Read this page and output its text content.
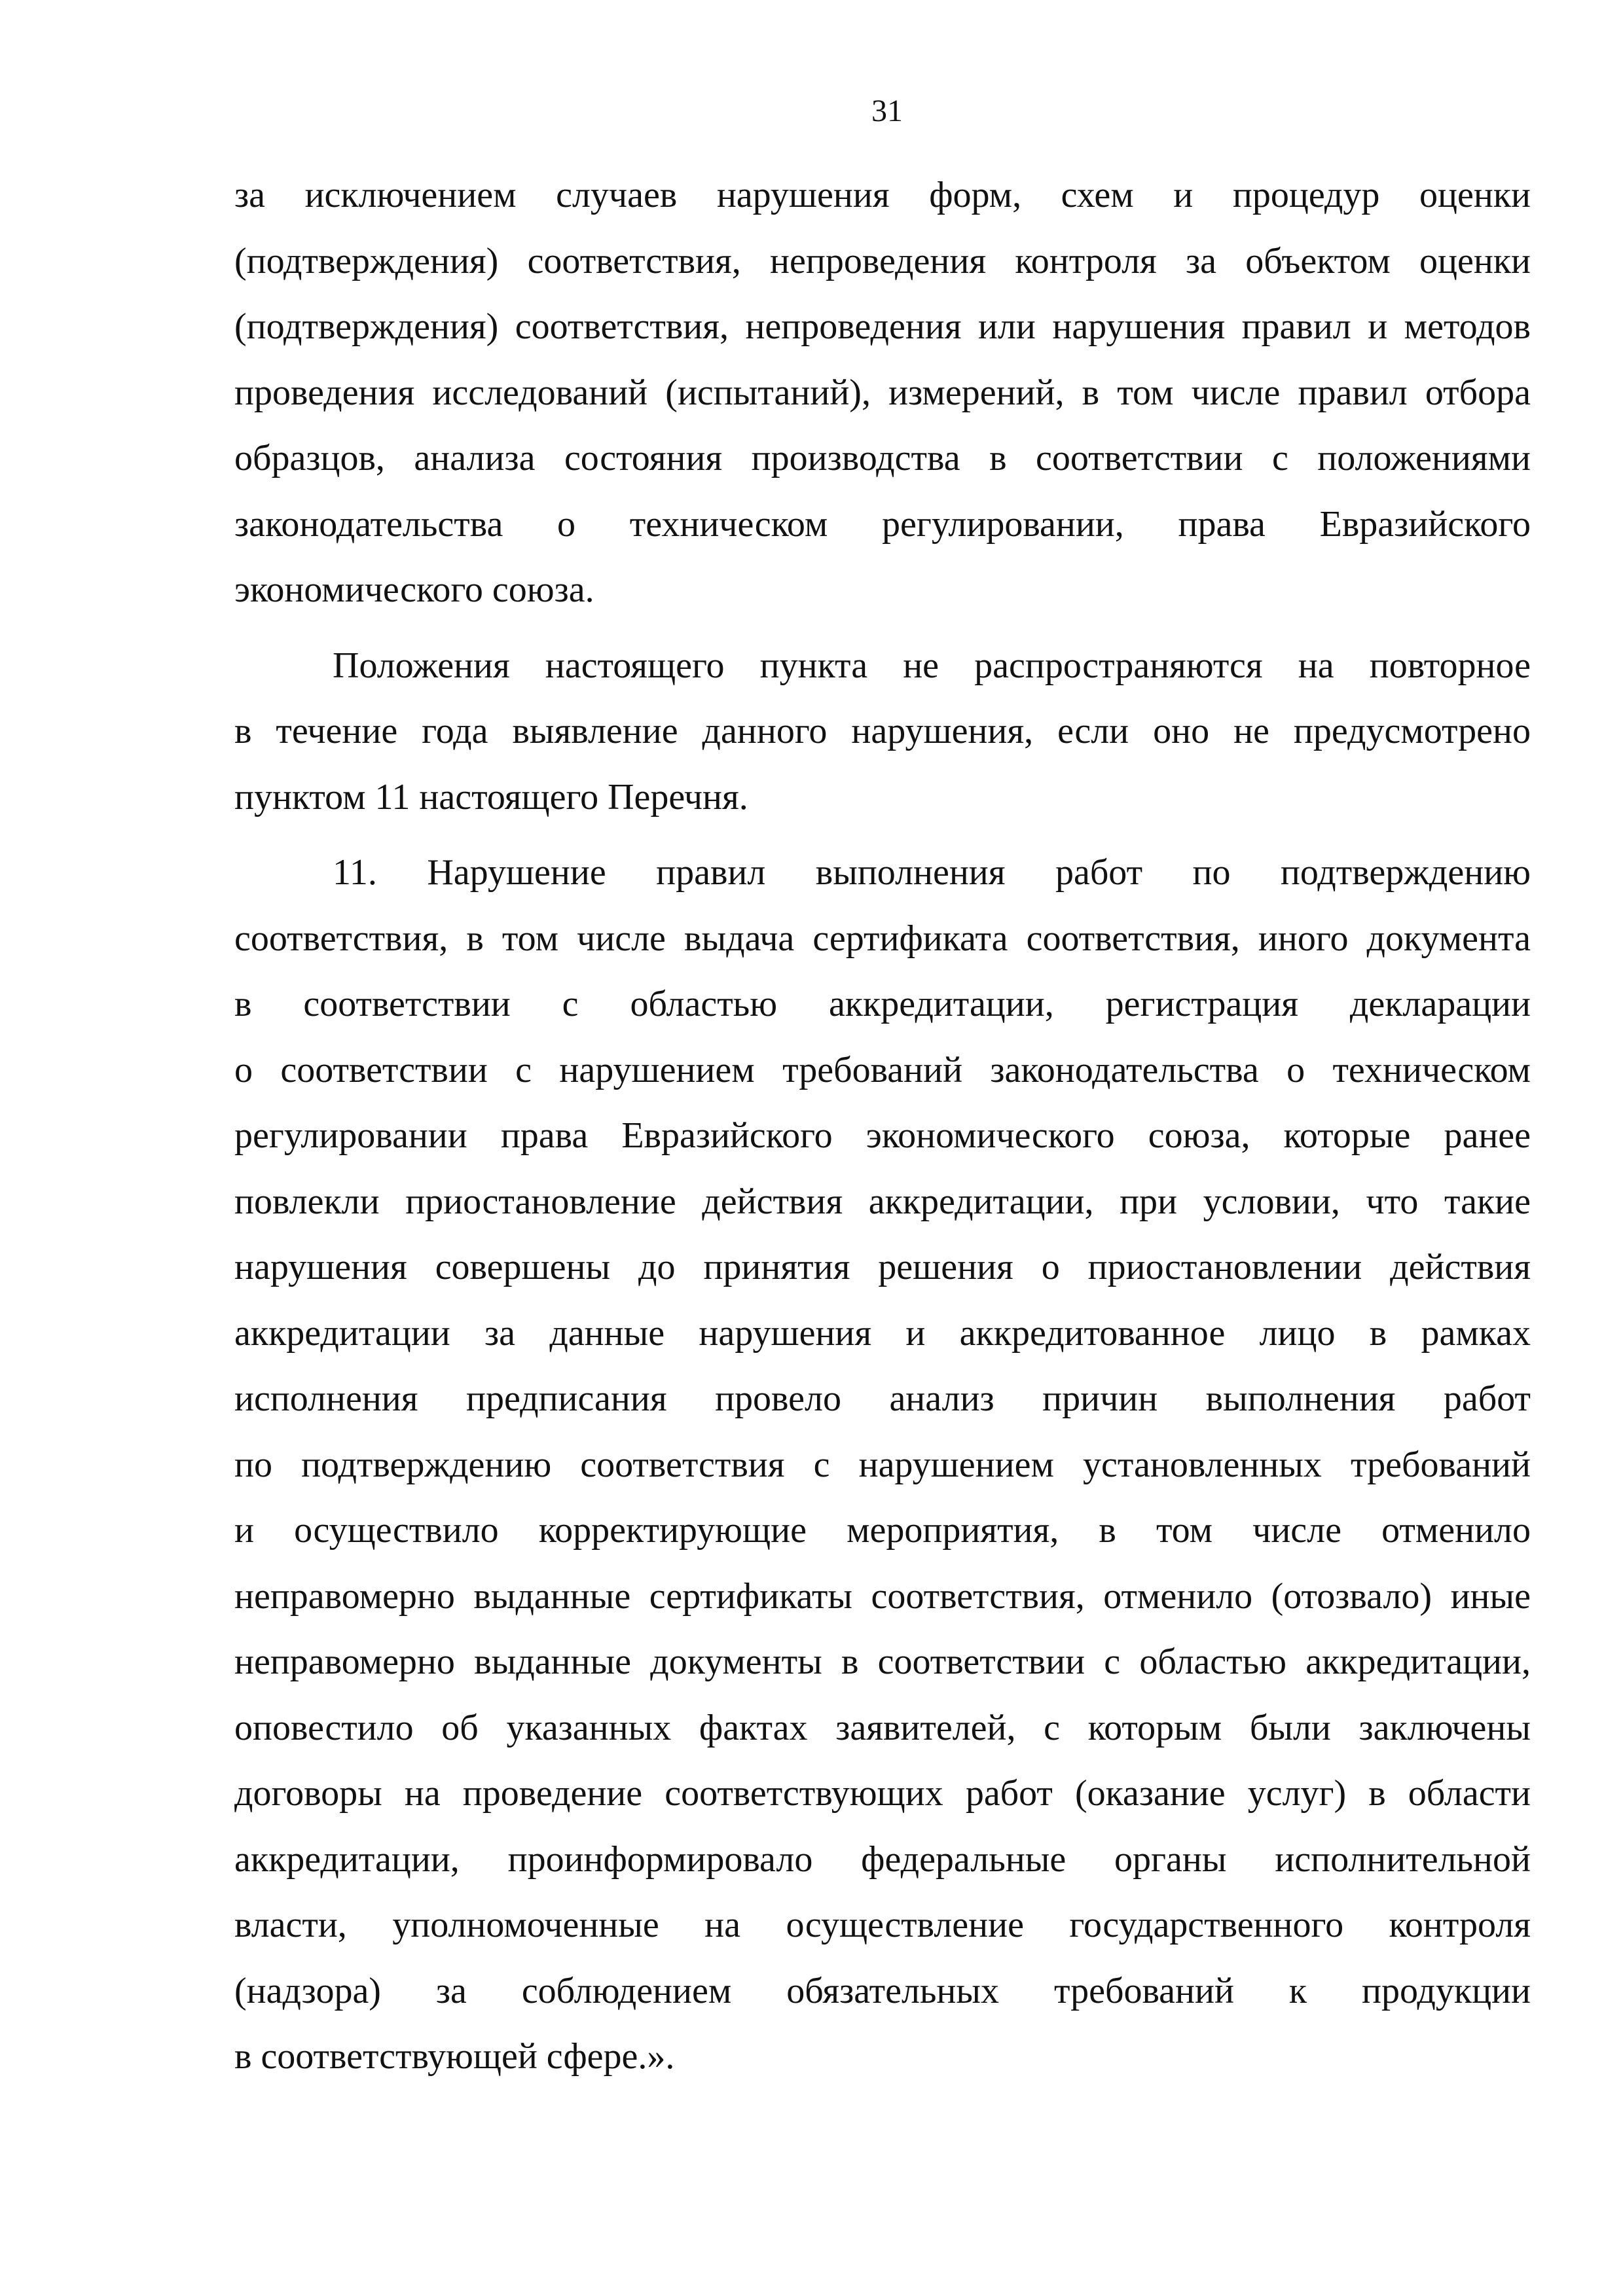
31

за исключением случаев нарушения форм, схем и процедур оценки

(подтверждения) соответствия, непроведения контроля за объектом оценки

(подтверждения) соответствия, непроведения или нарушения правил и методов

проведения исследований (испытаний), измерений, в том числе правил отбора

образцов, анализа состояния производства в соответствии с положениями

законодательства о техническом регулировании, права Евразийского

экономического союза.

Положения настоящего пункта не распространяются на повторное

в течение года выявление данного нарушения, если оно не предусмотрено

пунктом 11 настоящего Перечня.

11. Нарушение правил выполнения работ по подтверждению

соответствия, в том числе выдача сертификата соответствия, иного документа

в соответствии с областью аккредитации, регистрация декларации

о соответствии с нарушением требований законодательства о техническом

регулировании права Евразийского экономического союза, которые ранее

повлекли приостановление действия аккредитации, при условии, что такие

нарушения совершены до принятия решения о приостановлении действия

аккредитации за данные нарушения и аккредитованное лицо в рамках

исполнения предписания провело анализ причин выполнения работ

по подтверждению соответствия с нарушением установленных требований

и осуществило корректирующие мероприятия, в том числе отменило

неправомерно выданные сертификаты соответствия, отменило (отозвало) иные

неправомерно выданные документы в соответствии с областью аккредитации,

оповестило об указанных фактах заявителей, с которым были заключены

договоры на проведение соответствующих работ (оказание услуг) в области

аккредитации, проинформировало федеральные органы исполнительной

власти, уполномоченные на осуществление государственного контроля

(надзора) за соблюдением обязательных требований к продукции

в соответствующей сфере.».
